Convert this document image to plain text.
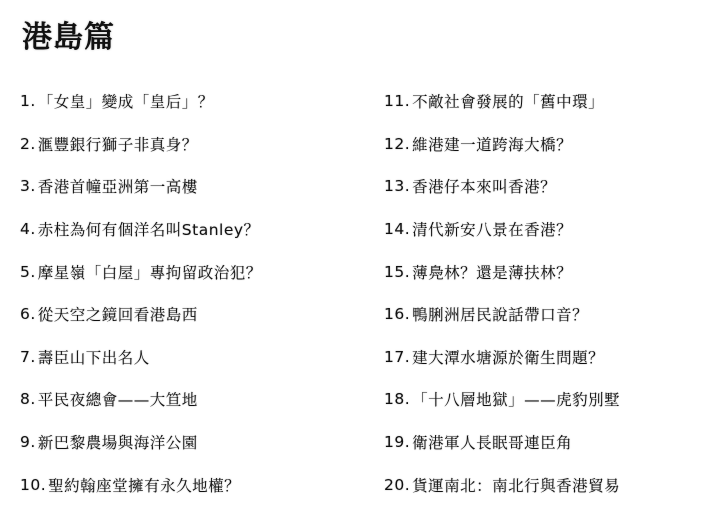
港島篇
1. 「女皇」變成「皇后」？
2. 滙豐銀行獅子非真身？
3. 香港首幢亞洲第一高樓
4. 赤柱為何有個洋名叫Stanley？
5. 摩星嶺「白屋」專拘留政治犯？
6. 從天空之鏡回看港島西
7. 壽臣山下出名人
8. 平民夜總會——大笪地
9. 新巴黎農場與海洋公園
10. 聖約翰座堂擁有永久地權？
11. 不敵社會發展的「舊中環」
12. 維港建一道跨海大橋？
13. 香港仔本來叫香港？
14. 清代新安八景在香港？
15. 薄鳧林？還是薄扶林？
16. 鴨脷洲居民說話帶口音？
17. 建大潭水塘源於衛生問題？
18. 「十八層地獄」——虎豹別墅
19. 衛港軍人長眠哥連臣角
20. 貨運南北：南北行與香港貿易
